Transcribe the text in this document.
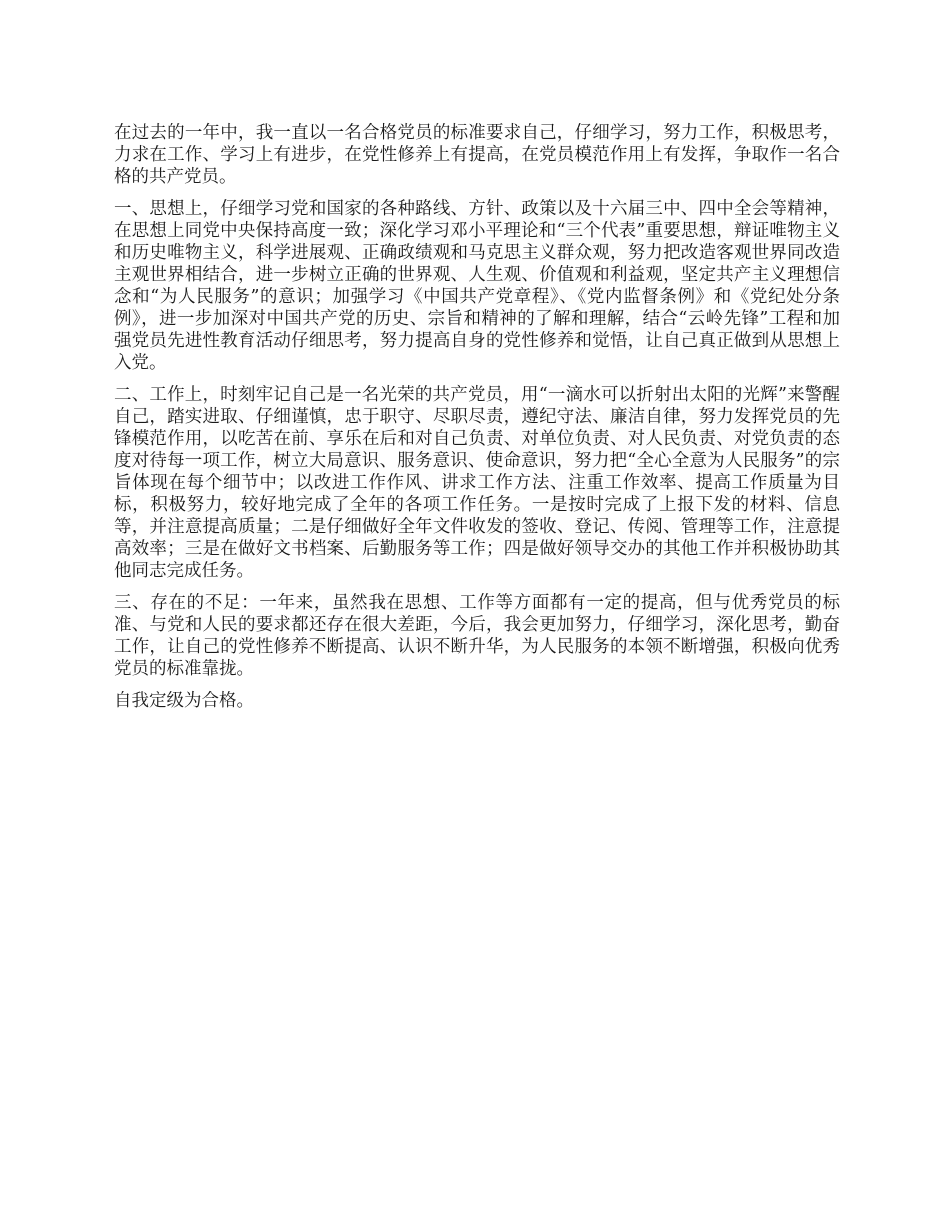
在过去的一年中，我一直以一名合格党员的标准要求自己，仔细学习，努力工作，积极思考，力求在工作、学习上有进步，在党性修养上有提高，在党员模范作用上有发挥，争取作一名合格的共产党员。

一、思想上，仔细学习党和国家的各种路线、方针、政策以及十六届三中、四中全会等精神，在思想上同党中央保持高度一致；深化学习邓小平理论和“三个代表”重要思想，辩证唯物主义和历史唯物主义，科学进展观、正确政绩观和马克思主义群众观，努力把改造客观世界同改造主观世界相结合，进一步树立正确的世界观、人生观、价值观和利益观，坚定共产主义理想信念和“为人民服务”的意识；加强学习《中国共产党章程》、《党内监督条例》和《党纪处分条例》，进一步加深对中国共产党的历史、宗旨和精神的了解和理解，结合“云岭先锋”工程和加强党员先进性教育活动仔细思考，努力提高自身的党性修养和觉悟，让自己真正做到从思想上入党。

二、工作上，时刻牢记自己是一名光荣的共产党员，用“一滴水可以折射出太阳的光辉”来警醒自己，踏实进取、仔细谨慎，忠于职守、尽职尽责，遵纪守法、廉洁自律，努力发挥党员的先锋模范作用，以吃苦在前、享乐在后和对自己负责、对单位负责、对人民负责、对党负责的态度对待每一项工作，树立大局意识、服务意识、使命意识，努力把“全心全意为人民服务”的宗旨体现在每个细节中；以改进工作作风、讲求工作方法、注重工作效率、提高工作质量为目标，积极努力，较好地完成了全年的各项工作任务。一是按时完成了上报下发的材料、信息等，并注意提高质量；二是仔细做好全年文件收发的签收、登记、传阅、管理等工作，注意提高效率；三是在做好文书档案、后勤服务等工作；四是做好领导交办的其他工作并积极协助其他同志完成任务。

三、存在的不足：一年来，虽然我在思想、工作等方面都有一定的提高，但与优秀党员的标准、与党和人民的要求都还存在很大差距，今后，我会更加努力，仔细学习，深化思考，勤奋工作，让自己的党性修养不断提高、认识不断升华，为人民服务的本领不断增强，积极向优秀党员的标准靠拢。

自我定级为合格。
